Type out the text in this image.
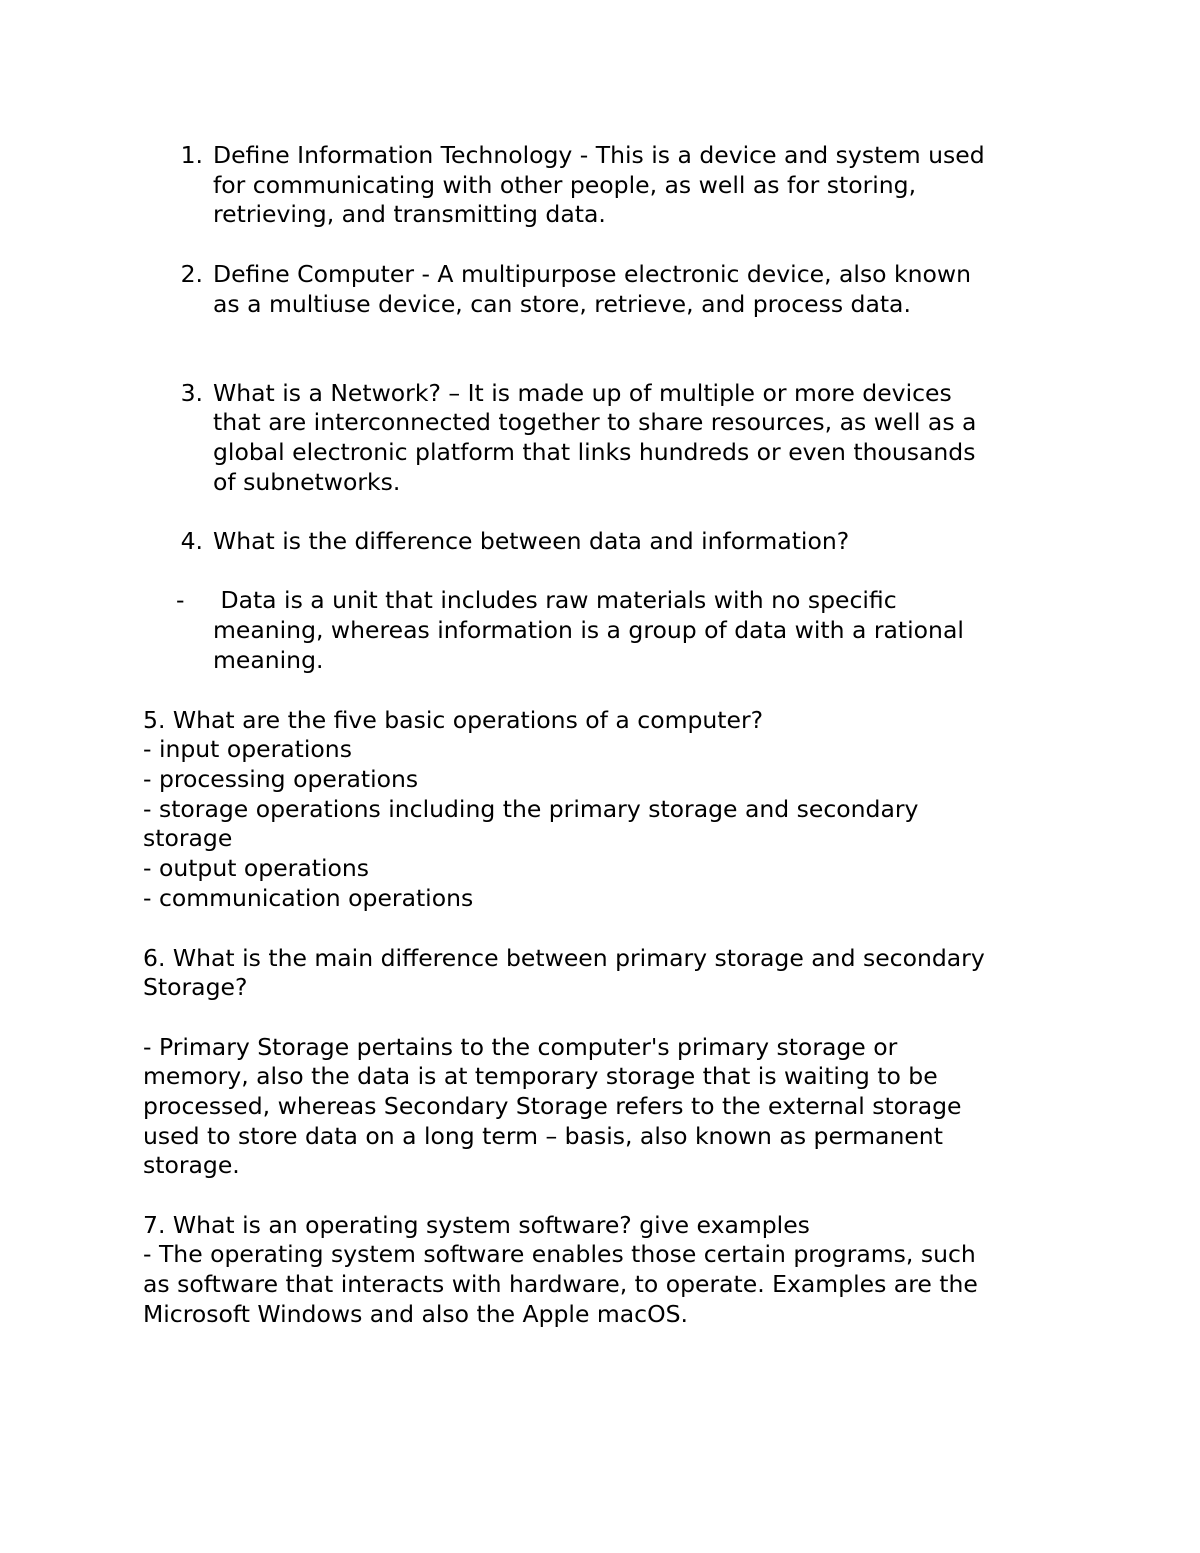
1. Define Information Technology - This is a device and system used
for communicating with other people, as well as for storing,
retrieving, and transmitting data.
2. Define Computer - A multipurpose electronic device, also known
as a multiuse device, can store, retrieve, and process data.
3. What is a Network? – It is made up of multiple or more devices
that are interconnected together to share resources, as well as a
global electronic platform that links hundreds or even thousands
of subnetworks.
4. What is the difference between data and information?
- Data is a unit that includes raw materials with no specific
meaning, whereas information is a group of data with a rational
meaning.
5. What are the five basic operations of a computer?
- input operations
- processing operations
- storage operations including the primary storage and secondary
storage
- output operations
- communication operations
6. What is the main difference between primary storage and secondary
Storage?
- Primary Storage pertains to the computer's primary storage or
memory, also the data is at temporary storage that is waiting to be
processed, whereas Secondary Storage refers to the external storage
used to store data on a long term – basis, also known as permanent
storage.
7. What is an operating system software? give examples
- The operating system software enables those certain programs, such
as software that interacts with hardware, to operate. Examples are the
Microsoft Windows and also the Apple macOS.
